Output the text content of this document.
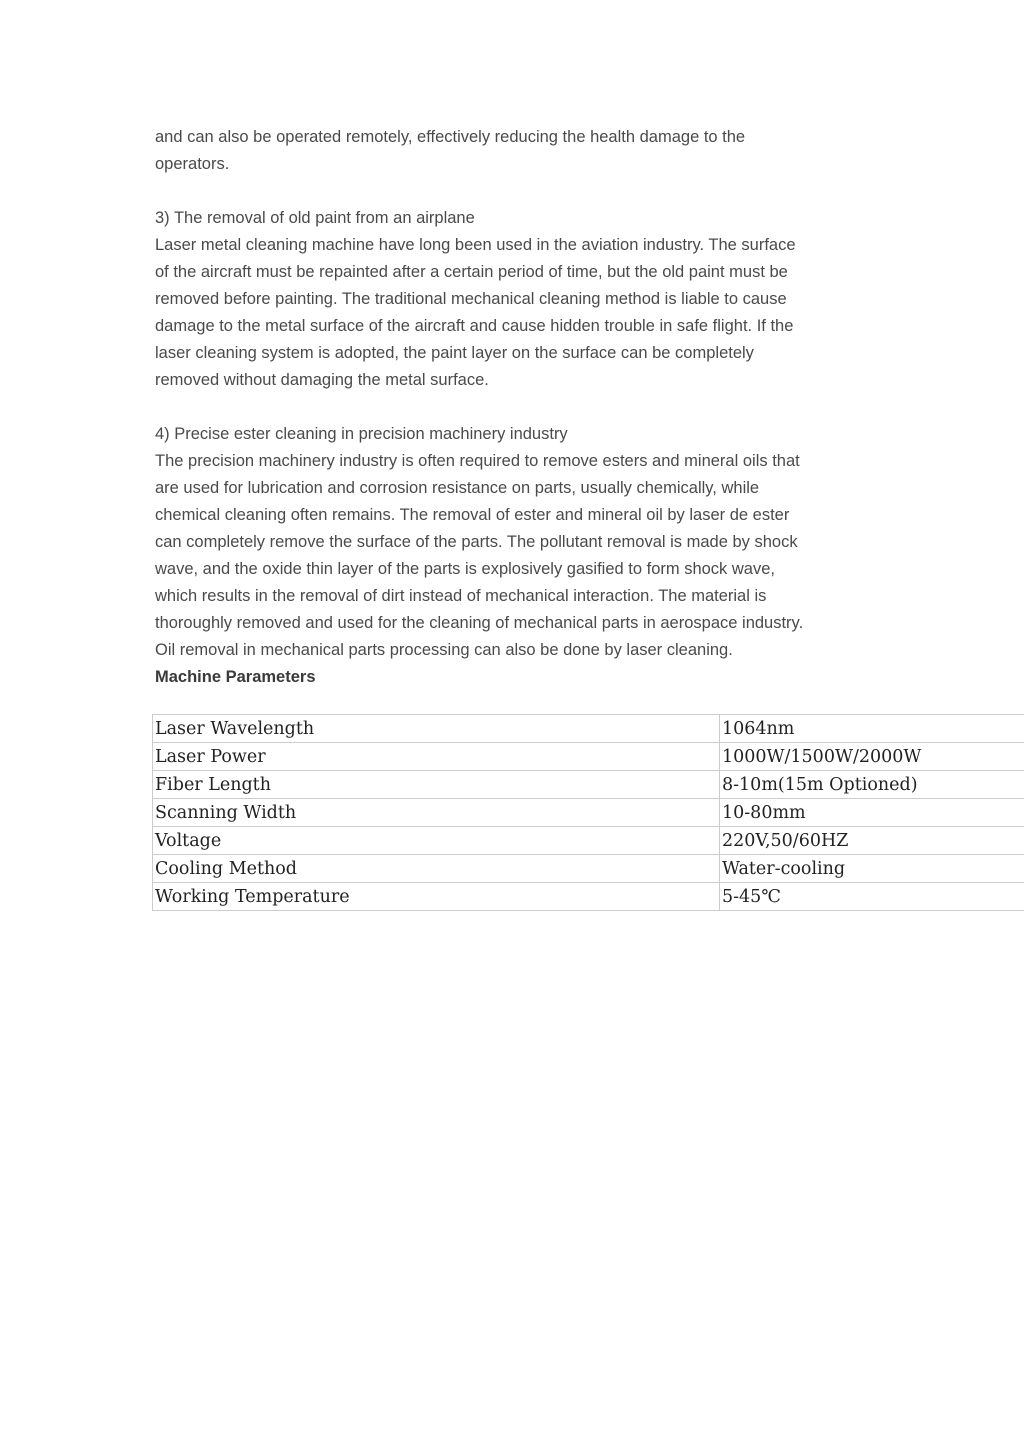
and can also be operated remotely, effectively reducing the health damage to the
operators.

3) The removal of old paint from an airplane

Laser metal cleaning machine have long been used in the aviation industry. The surface
of the aircraft must be repainted after a certain period of time, but the old paint must be
removed before painting. The traditional mechanical cleaning method is liable to cause
damage to the metal surface of the aircraft and cause hidden trouble in safe flight. If the
laser cleaning system is adopted, the paint layer on the surface can be completely
removed without damaging the metal surface.

4) Precise ester cleaning in precision machinery industry

The precision machinery industry is often required to remove esters and mineral oils that
are used for lubrication and corrosion resistance on parts, usually chemically, while
chemical cleaning often remains. The removal of ester and mineral oil by laser de ester
can completely remove the surface of the parts. The pollutant removal is made by shock
wave, and the oxide thin layer of the parts is explosively gasified to form shock wave,
which results in the removal of dirt instead of mechanical interaction. The material is
thoroughly removed and used for the cleaning of mechanical parts in aerospace industry.
Oil removal in mechanical parts processing can also be done by laser cleaning.

Machine Parameters

Laser Wavelength	1064nm
Laser Power	1000W/1500W/2000W
Fiber Length	8-10m(15m Optioned)
Scanning Width	10-80mm
Voltage	220V,50/60HZ
Cooling Method	Water-cooling
Working Temperature	5-45℃
